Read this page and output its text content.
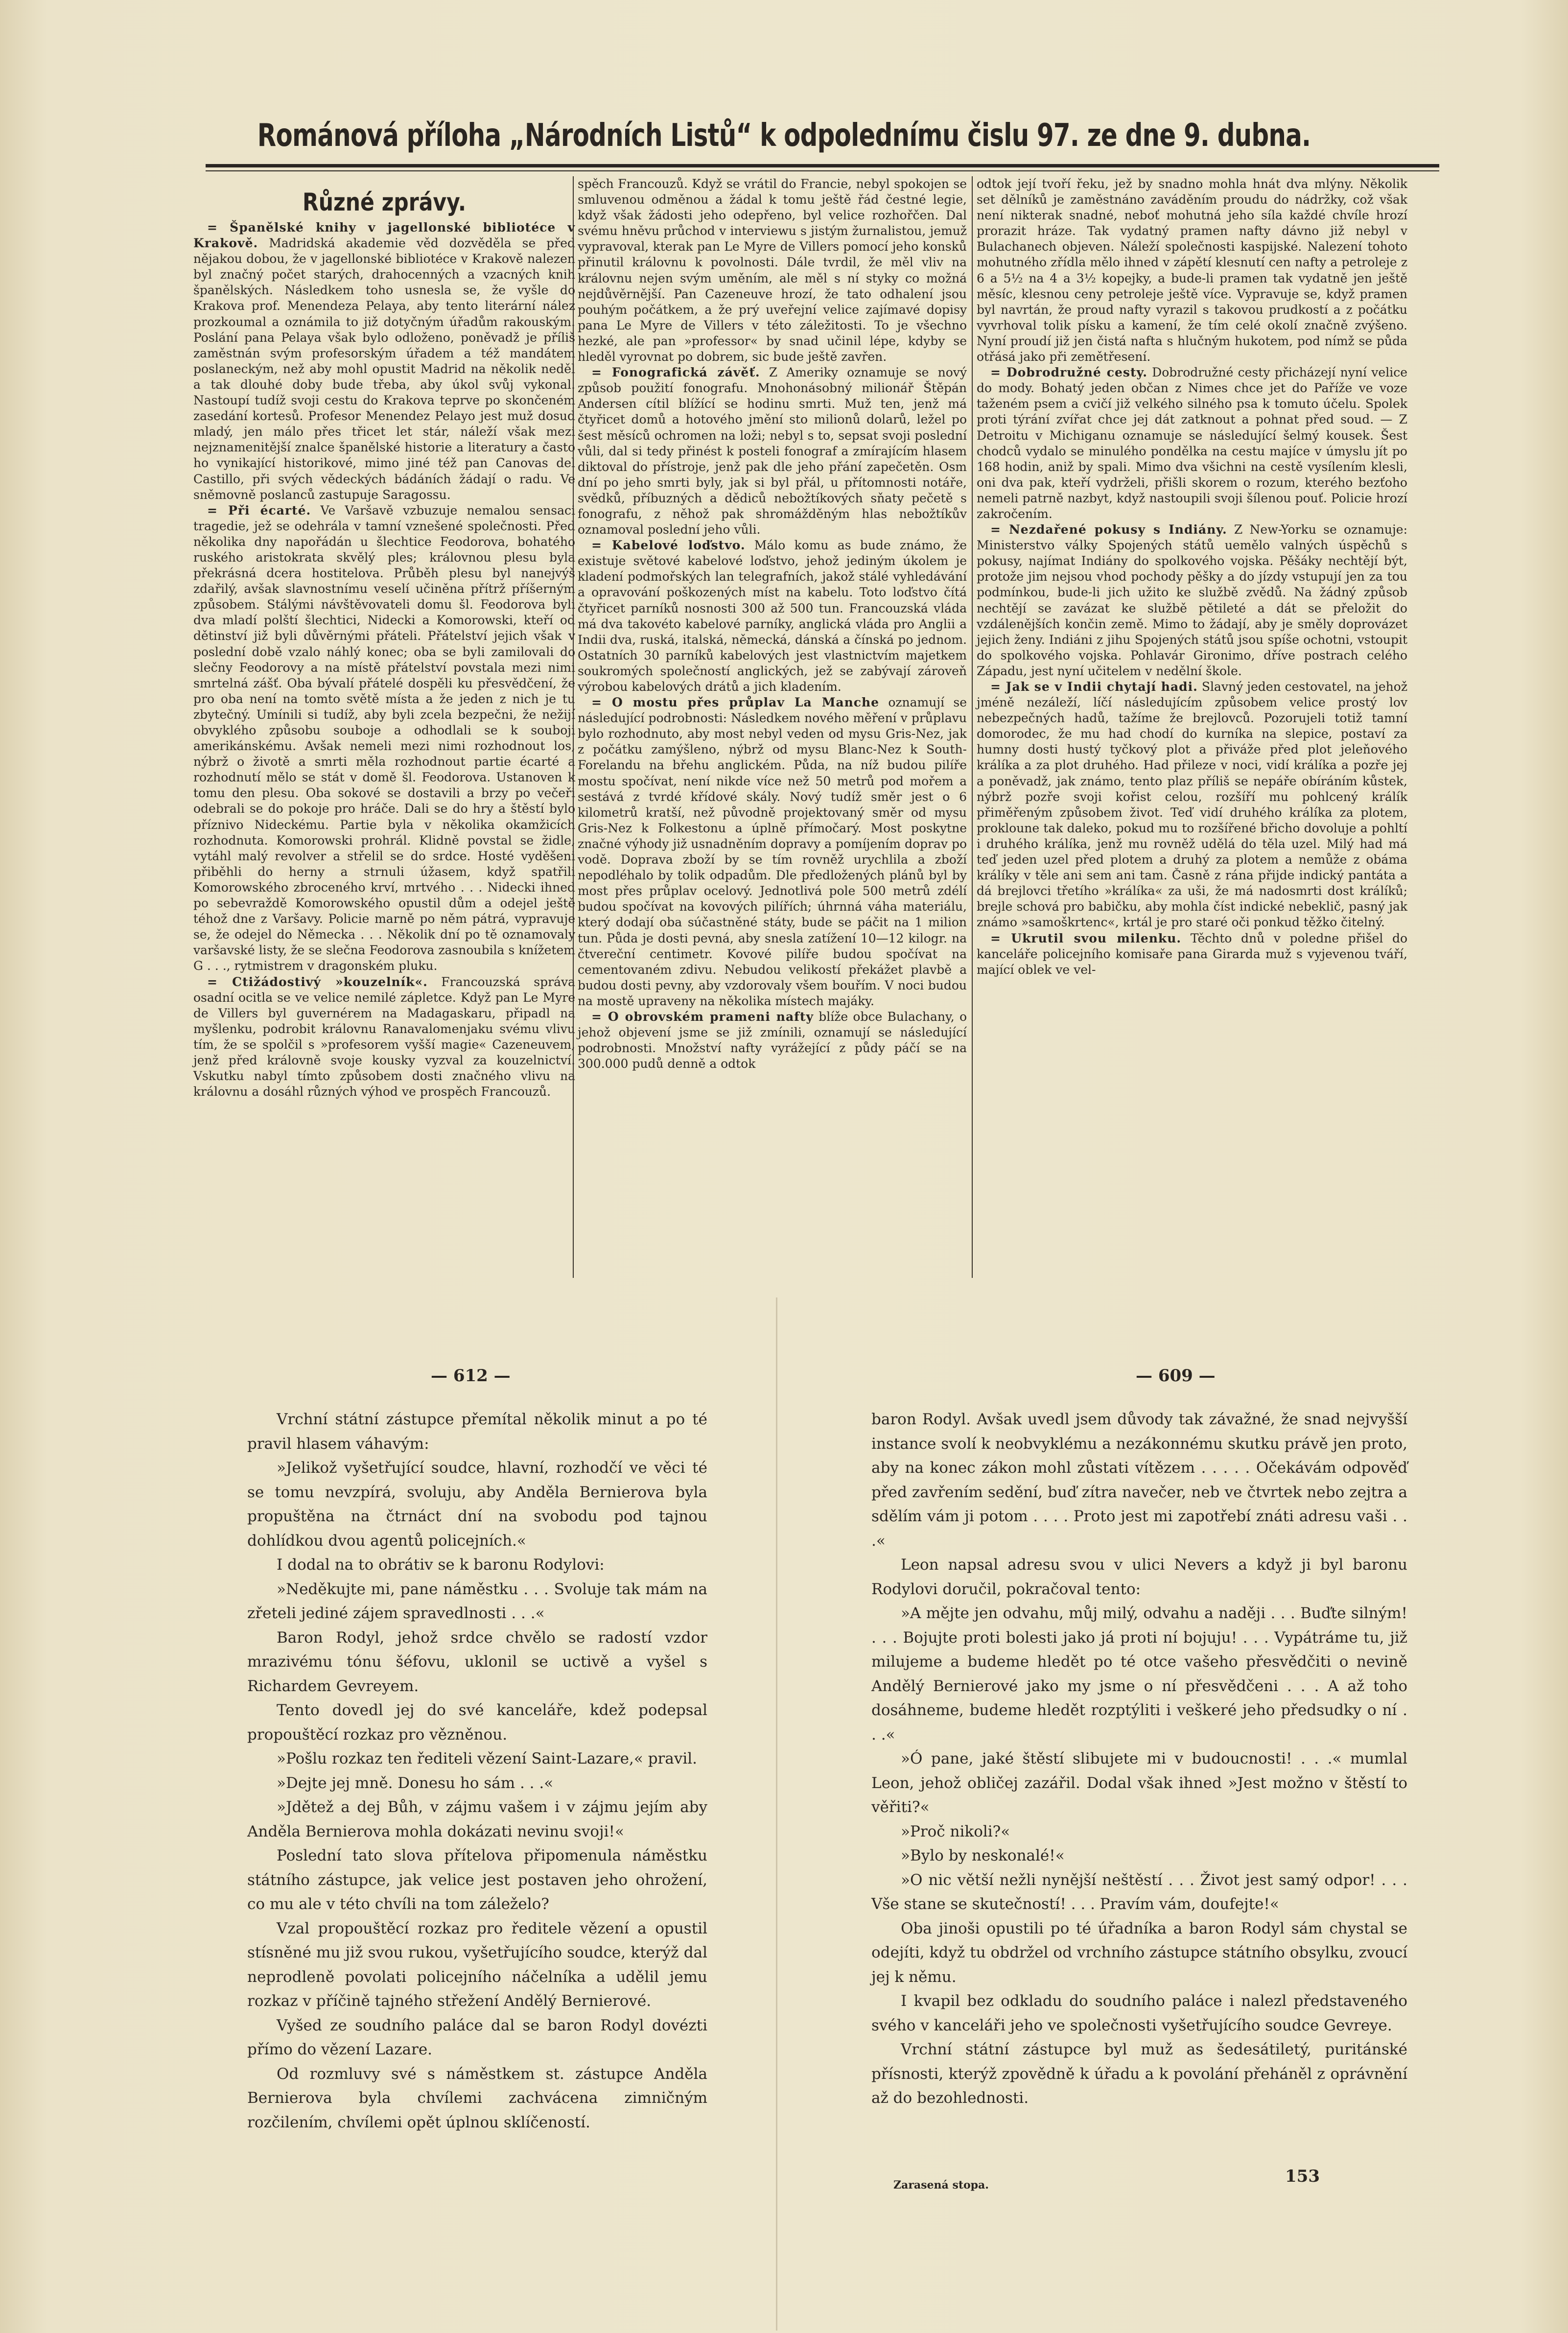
Románová příloha „Národních Listů“ k odpolednímu čislu 97. ze dne 9. dubna.
Různé zprávy.

= Španělské knihy v jagellonské bibliotéce v Krakově. Madridská akademie věd dozvěděla se před nějakou dobou, že v jagellonské bibliotéce v Krakově nalezen byl značný počet starých, drahocenných a vzacných knih španělských. Následkem toho usnesla se, že vyšle do Krakova prof. Menendeza Pelaya, aby tento literární nález prozkoumal a oznámila to již dotyčným úřadům rakouským. Poslání pana Pelaya však bylo odloženo, poněvadž je příliš zaměstnán svým profesorským úřadem a též mandátem poslaneckým, než aby mohl opustit Madrid na několik neděl a tak dlouhé doby bude třeba, aby úkol svůj vykonal. Nastoupí tudíž svoji cestu do Krakova teprve po skončeném zasedání kortesů. Profesor Menendez Pelayo jest muž dosud mladý, jen málo přes třicet let stár, náleží však mezi nejznamenitější znalce španělské historie a literatury a často ho vynikající historikové, mimo jiné též pan Canovas del Castillo, při svých vědeckých bádáních žádají o radu. Ve sněmovně poslanců zastupuje Saragossu.

= Při écarté. Ve Varšavě vzbuzuje nemalou sensaci tragedie, jež se odehrála v tamní vznešené společnosti. Před několika dny napořádán u šlechtice Feodorova, bohatého ruského aristokrata skvělý ples; královnou plesu byla překrásná dcera hostitelova. Průběh plesu byl nanejvýš zdařilý, avšak slavnostnímu veselí učiněna přítrž příšerným způsobem. Stálými návštěvovateli domu šl. Feodorova byli dva mladí polští šlechtici, Nidecki a Komorowski, kteří od dětinství již byli důvěrnými přáteli. Přátelství jejich však v poslední době vzalo náhlý konec; oba se byli zamilovali do slečny Feodorovy a na místě přátelství povstala mezi nimi smrtelná zášť. Oba bývalí přátelé dospěli ku přesvědčení, že pro oba není na tomto světě místa a že jeden z nich je tu zbytečný. Umínili si tudíž, aby byli zcela bezpečni, že nežijí obvyklého způsobu souboje a odhodlali se k souboji amerikánskému. Avšak nemeli mezi nimi rozhodnout los, nýbrž o životě a smrti měla rozhodnout partie écarté a rozhodnutí mělo se stát v domě šl. Feodorova. Ustanoven k tomu den plesu. Oba sokové se dostavili a brzy po večeři odebrali se do pokoje pro hráče. Dali se do hry a štěstí bylo příznivo Nideckému. Partie byla v několika okamžicích rozhodnuta. Komorowski prohrál. Klidně povstal se židle, vytáhl malý revolver a střelil se do srdce. Hosté vyděšeni přiběhli do herny a strnuli úžasem, když spatřili Komorowského zbroceného krví, mrtvého . . . Nidecki ihned po sebevraždě Komorowského opustil dům a odejel ještě téhož dne z Varšavy. Policie marně po něm pátrá, vypravuje se, že odejel do Německa . . . Několik dní po tě oznamovaly varšavské listy, že se slečna Feodorova zasnoubila s knížetem G . . ., rytmistrem v dragonském pluku.

= Ctižádostivý »kouzelník«. Francouzská správa osadní ocitla se ve velice nemilé zápletce. Když pan Le Myre de Villers byl guvernérem na Madagaskaru, připadl na myšlenku, podrobit královnu Ranavalomenjaku svému vlivu tím, že se spolčil s »profesorem vyšší magie« Cazeneuvem, jenž před královně svoje kousky vyzval za kouzelnictví. Vskutku nabyl tímto způsobem dosti značného vlivu na královnu a dosáhl různých výhod ve prospěch Francouzů.

spěch Francouzů. Když se vrátil do Francie, nebyl spokojen se smluvenou odměnou a žádal k tomu ještě řád čestné legie, když však žádosti jeho odepřeno, byl velice rozhořčen. Dal svému hněvu průchod v interviewu s jistým žurnalistou, jemuž vypravoval, kterak pan Le Myre de Villers pomocí jeho konsků přinutil královnu k povolnosti. Dále tvrdil, že měl vliv na královnu nejen svým uměním, ale měl s ní styky co možná nejdůvěrnější. Pan Cazeneuve hrozí, že tato odhalení jsou pouhým počátkem, a že prý uveřejní velice zajímavé dopisy pana Le Myre de Villers v této záležitosti. To je všechno hezké, ale pan »professor« by snad učinil lépe, kdyby se hleděl vyrovnat po dobrem, sic bude ještě zavřen.

= Fonografická závěť. Z Ameriky oznamuje se nový způsob použití fonografu. Mnohonásobný milionář Štěpán Andersen cítil blížící se hodinu smrti. Muž ten, jenž má čtyřicet domů a hotového jmění sto milionů dolarů, ležel po šest měsíců ochromen na loži; nebyl s to, sepsat svoji poslední vůli, dal si tedy přinést k posteli fonograf a zmírajícím hlasem diktoval do přístroje, jenž pak dle jeho přání zapečetěn. Osm dní po jeho smrti byly, jak si byl přál, u přítomnosti notáře, svědků, příbuzných a dědiců nebožtíkových sňaty pečetě s fonografu, z něhož pak shromážděným hlas nebožtíkův oznamoval poslední jeho vůli.

= Kabelové loďstvo. Málo komu as bude známo, že existuje světové kabelové loďstvo, jehož jediným úkolem je kladení podmořských lan telegrafních, jakož stálé vyhledávání a opravování poškozených míst na kabelu. Toto loďstvo čítá čtyřicet parníků nosnosti 300 až 500 tun. Francouzská vláda má dva takovéto kabelové parníky, anglická vláda pro Anglii a Indii dva, ruská, italská, německá, dánská a čínská po jednom. Ostatních 30 parníků kabelových jest vlastnictvím majetkem soukromých společností anglických, jež se zabývají zároveň výrobou kabelových drátů a jich kladením.

= O mostu přes průplav La Manche oznamují se následující podrobnosti: Následkem nového měření v průplavu bylo rozhodnuto, aby most nebyl veden od mysu Gris-Nez, jak z počátku zamýšleno, nýbrž od mysu Blanc-Nez k South-Forelandu na břehu anglickém. Půda, na níž budou pilíře mostu spočívat, není nikde více než 50 metrů pod mořem a sestává z tvrdé křídové skály. Nový tudíž směr jest o 6 kilometrů kratší, než původně projektovaný směr od mysu Gris-Nez k Folkestonu a úplně přímočarý. Most poskytne značné výhody již usnadněním dopravy a pomíjením doprav po vodě. Doprava zboží by se tím rovněž urychlila a zboží nepodléhalo by tolik odpadům. Dle předložených plánů byl by most přes průplav ocelový. Jednotlivá pole 500 metrů zdélí budou spočívat na kovových pilířích; úhrnná váha materiálu, který dodají oba súčastněné státy, bude se páčit na 1 milion tun. Půda je dosti pevná, aby snesla zatížení 10—12 kilogr. na čtvereční centimetr. Kovové pilíře budou spočívat na cementovaném zdivu. Nebudou velikostí překážet plavbě a budou dosti pevny, aby vzdorovaly všem bouřím. V noci budou na mostě upraveny na několika místech majáky.

= O obrovském prameni nafty blíže obce Bulachany, o jehož objevení jsme se již zmínili, oznamují se následující podrobnosti. Množství nafty vyrážející z půdy páčí se na 300.000 pudů denně a odtok

odtok její tvoří řeku, jež by snadno mohla hnát dva mlýny. Několik set dělníků je zaměstnáno zaváděním proudu do nádržky, což však není nikterak snadné, neboť mohutná jeho síla každé chvíle hrozí prorazit hráze. Tak vydatný pramen nafty dávno již nebyl v Bulachanech objeven. Náleží společnosti kaspijské. Nalezení tohoto mohutného zřídla mělo ihned v zápětí klesnutí cen nafty a petroleje z 6 a 5½ na 4 a 3½ kopejky, a bude-li pramen tak vydatně jen ještě měsíc, klesnou ceny petroleje ještě více. Vypravuje se, když pramen byl navrtán, že proud nafty vyrazil s takovou prudkostí a z počátku vyvrhoval tolik písku a kamení, že tím celé okolí značně zvýšeno. Nyní proudí již jen čistá nafta s hlučným hukotem, pod nímž se půda otřásá jako při zemětřesení.

= Dobrodružné cesty. Dobrodružné cesty přicházejí nyní velice do mody. Bohatý jeden občan z Nimes chce jet do Paříže ve voze taženém psem a cvičí již velkého silného psa k tomuto účelu. Spolek proti týrání zvířat chce jej dát zatknout a pohnat před soud. — Z Detroitu v Michiganu oznamuje se následující šelmý kousek. Šest chodců vydalo se minulého pondělka na cestu majíce v úmyslu jít po 168 hodin, aniž by spali. Mimo dva všichni na cestě vysílením klesli, oni dva pak, kteří vydrželi, přišli skorem o rozum, kterého bezťoho nemeli patrně nazbyt, když nastoupili svoji šílenou pouť. Policie hrozí zakročením.

= Nezdařené pokusy s Indiány. Z New-Yorku se oznamuje: Ministerstvo války Spojených států uemělo valných úspěchů s pokusy, najímat Indiány do spolkového vojska. Pěšáky nechtějí být, protože jim nejsou vhod pochody pěšky a do jízdy vstupují jen za tou podmínkou, bude-li jich užito ke službě zvědů. Na žádný způsob nechtějí se zavázat ke službě pětileté a dát se přeložit do vzdálenějších končin země. Mimo to žádají, aby je směly doprovázet jejich ženy. Indiáni z jihu Spojených států jsou spíše ochotni, vstoupit do spolkového vojska. Pohlavár Gironimo, dříve postrach celého Západu, jest nyní učitelem v nedělní škole.

= Jak se v Indii chytají hadi. Slavný jeden cestovatel, na jehož jméně nezáleží, líčí následujícím způsobem velice prostý lov nebezpečných hadů, tažíme že brejlovců. Pozorujeli totiž tamní domorodec, že mu had chodí do kurníka na slepice, postaví za humny dosti hustý tyčkový plot a přiváže před plot jeleňového králíka a za plot druhého. Had přileze v noci, vidí králíka a pozře jej a poněvadž, jak známo, tento plaz příliš se nepáře obíráním kůstek, nýbrž pozře svoji kořist celou, rozšíří mu pohlcený králík přiměřeným způsobem život. Teď vidí druhého králíka za plotem, prokloune tak daleko, pokud mu to rozšířené břicho dovoluje a pohltí i druhého králíka, jenž mu rovněž udělá do těla uzel. Milý had má teď jeden uzel před plotem a druhý za plotem a nemůže z obáma králíky v těle ani sem ani tam. Časně z rána přijde indický pantáta a dá brejlovci třetího »králíka« za uši, že má nadosmrti dost králíků; brejle schová pro babičku, aby mohla číst indické nebeklič, pasný jak známo »samoškrtenc«, krtál je pro staré oči ponkud těžko čitelný.

= Ukrutil svou milenku. Těchto dnů v poledne přišel do kanceláře policejního komisaře pana Girarda muž s vyjevenou tváří, mající oblek ve vel-

— 612 —	— 609 —

Vrchní státní zástupce přemítal několik minut a po té pravil hlasem váhavým:

»Jelikož vyšetřující soudce, hlavní, rozhodčí ve věci té se tomu nevzpírá, svoluju, aby Anděla Bernierova byla propuštěna na čtrnáct dní na svobodu pod tajnou dohlídkou dvou agentů policejních.«

I dodal na to obrátiv se k baronu Rodylovi:

»Neděkujte mi, pane náměstku . . . Svoluje tak mám na zřeteli jediné zájem spravedlnosti . . .«

Baron Rodyl, jehož srdce chvělo se radostí vzdor mrazivému tónu šéfovu, uklonil se uctivě a vyšel s Richardem Gevreyem.

Tento dovedl jej do své kanceláře, kdež podepsal propouštěcí rozkaz pro vězněnou.

»Pošlu rozkaz ten řediteli vězení Saint-Lazare,« pravil.

»Dejte jej mně. Donesu ho sám . . .«

»Jdětež a dej Bůh, v zájmu vašem i v zájmu jejím aby Anděla Bernierova mohla dokázati nevinu svoji!«

Poslední tato slova přítelova připomenula náměstku státního zástupce, jak velice jest postaven jeho ohrožení, co mu ale v této chvíli na tom záleželo?

Vzal propouštěcí rozkaz pro ředitele vězení a opustil stísněné mu již svou rukou, vyšetřujícího soudce, kterýž dal neprodleně povolati policejního náčelníka a udělil jemu rozkaz v příčině tajného střežení Andělý Bernierové.

Vyšed ze soudního paláce dal se baron Rodyl dovézti přímo do vězení Lazare.

Od rozmluvy své s náměstkem st. zástupce Anděla Bernierova byla chvílemi zachvácena zimničným rozčilením, chvílemi opět úplnou sklíčeností.

baron Rodyl. Avšak uvedl jsem důvody tak závažné, že snad nejvyšší instance svolí k neobvyklému a nezákonnému skutku právě jen proto, aby na konec zákon mohl zůstati vítězem . . . . . Očekávám odpověď před zavřením sedění, buď zítra navečer, neb ve čtvrtek nebo zejtra a sdělím vám ji potom . . . . Proto jest mi zapotřebí znáti adresu vaši . . .«

Leon napsal adresu svou v ulici Nevers a když ji byl baronu Rodylovi doručil, pokračoval tento:

»A mějte jen odvahu, můj milý, odvahu a naději . . . Buďte silným! . . . Bojujte proti bolesti jako já proti ní bojuju! . . . Vypátráme tu, již milujeme a budeme hledět po té otce vašeho přesvědčiti o nevině Andělý Bernierové jako my jsme o ní přesvědčeni . . . A až toho dosáhneme, budeme hledět rozptýliti i veškeré jeho předsudky o ní . . .«

»Ó pane, jaké štěstí slibujete mi v budoucnosti! . . .« mumlal Leon, jehož obličej zazářil. Dodal však ihned »Jest možno v štěstí to věřiti?«

»Proč nikoli?«

»Bylo by neskonalé!«

»O nic větší nežli nynější neštěstí . . . Život jest samý odpor! . . . Vše stane se skutečností! . . . Pravím vám, doufejte!«

Oba jinoši opustili po té úřadníka a baron Rodyl sám chystal se odejíti, když tu obdržel od vrchního zástupce státního obsylku, zvoucí jej k němu.

I kvapil bez odkladu do soudního paláce i nalezl představeného svého v kanceláři jeho ve společnosti vyšetřujícího soudce Gevreye.

Vrchní státní zástupce byl muž as šedesátiletý, puritánské přísnosti, kterýž zpovědně k úřadu a k povolání přeháněl z oprávnění až do bezohlednosti.

Zarasená stopa.	153
